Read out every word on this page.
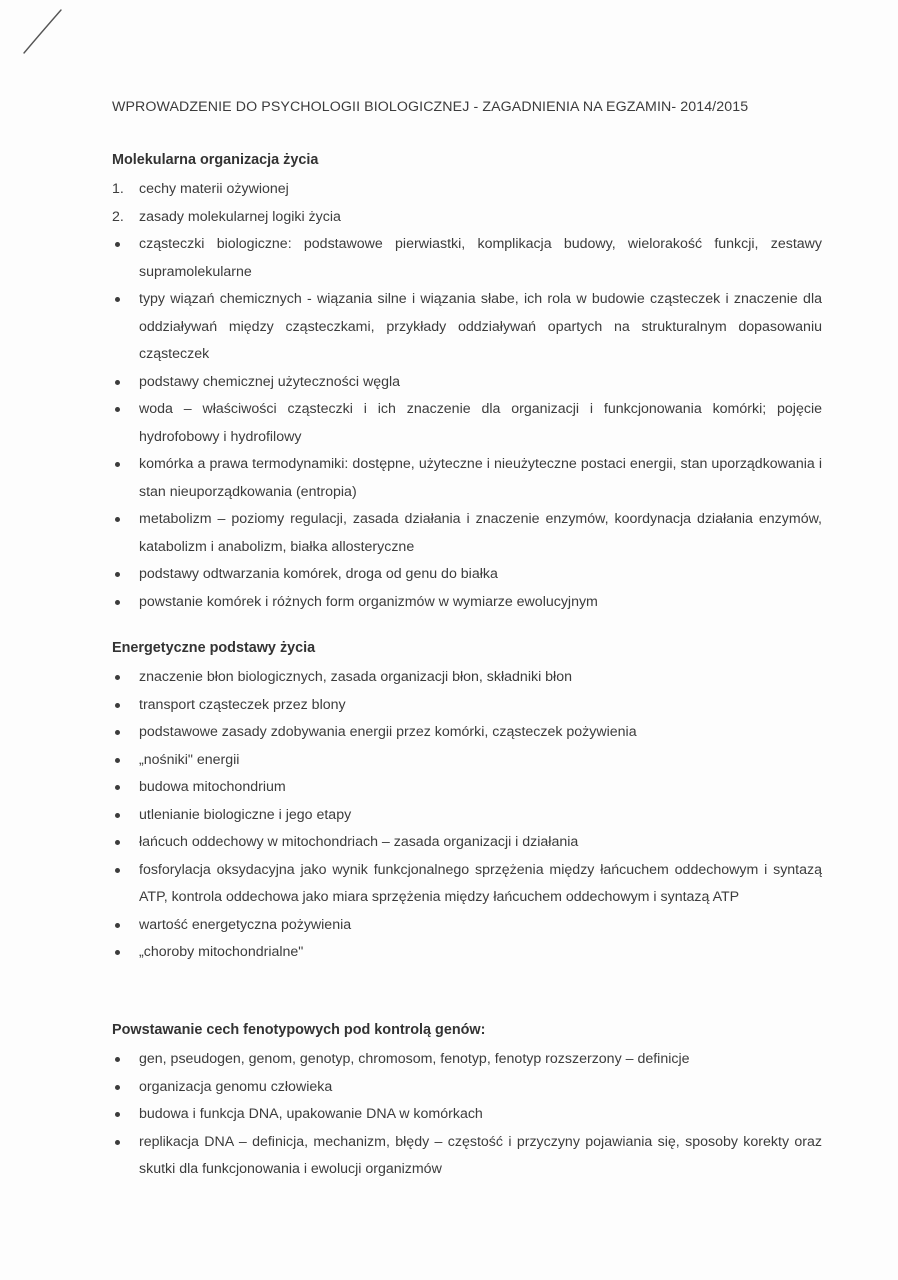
WPROWADZENIE DO PSYCHOLOGII BIOLOGICZNEJ - ZAGADNIENIA NA EGZAMIN- 2014/2015
Molekularna organizacja życia
1.	cechy materii ożywionej
2.	zasady molekularnej logiki życia
cząsteczki biologiczne: podstawowe pierwiastki, komplikacja budowy, wielorakość funkcji, zestawy supramolekularne
typy wiązań chemicznych - wiązania silne i wiązania słabe, ich rola w budowie cząsteczek i znaczenie dla oddziaływań między cząsteczkami, przykłady oddziaływań opartych na strukturalnym dopasowaniu cząsteczek
podstawy chemicznej użyteczności węgla
woda – właściwości cząsteczki i ich znaczenie dla organizacji i funkcjonowania komórki; pojęcie hydrofobowy i hydrofilowy
komórka a prawa termodynamiki: dostępne, użyteczne i nieużyteczne postaci energii, stan uporządkowania i stan nieuporządkowania (entropia)
metabolizm – poziomy regulacji, zasada działania i znaczenie enzymów, koordynacja działania enzymów, katabolizm i anabolizm, białka allosteryczne
podstawy odtwarzania komórek, droga od genu do białka
powstanie komórek i różnych form organizmów w wymiarze ewolucyjnym
Energetyczne podstawy życia
znaczenie błon biologicznych, zasada organizacji błon, składniki błon
transport cząsteczek przez blony
podstawowe zasady zdobywania energii przez komórki, cząsteczek pożywienia
„nośniki" energii
budowa mitochondrium
utlenianie biologiczne i jego etapy
łańcuch oddechowy w mitochondriach – zasada organizacji i działania
fosforylacja oksydacyjna jako wynik funkcjonalnego sprzężenia między łańcuchem oddechowym i syntazą ATP, kontrola oddechowa jako miara sprzężenia między łańcuchem oddechowym i syntazą ATP
wartość energetyczna pożywienia
„choroby mitochondrialne"
Powstawanie cech fenotypowych pod kontrolą genów:
gen, pseudogen, genom, genotyp, chromosom, fenotyp, fenotyp rozszerzony – definicje
organizacja genomu człowieka
budowa i funkcja DNA, upakowanie DNA w komórkach
replikacja DNA – definicja, mechanizm, błędy – częstość i przyczyny pojawiania się, sposoby korekty oraz skutki dla funkcjonowania i ewolucji organizmów
